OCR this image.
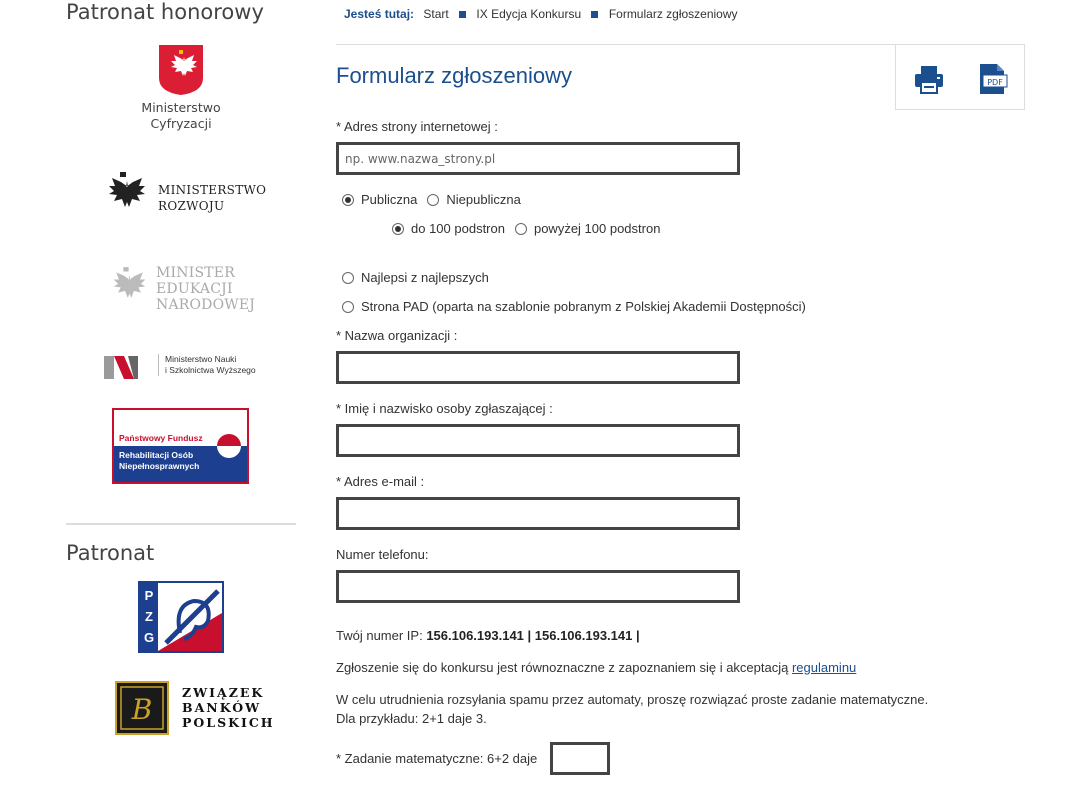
Patronat honorowy
Ministerstwo
Cyfryzacji
MINISTERSTWO
ROZWOJU
MINISTER
EDUKACJI
NARODOWEJ
Ministerstwo Nauki
i Szkolnictwa Wyższego
Państwowy Fundusz
Rehabilitacji Osób
Niepełnosprawnych
Patronat
PZG
B
ZWIĄZEK
BANKÓW
POLSKICH
Jesteś tutaj: Start IX Edycja Konkursu Formularz zgłoszeniowy
Formularz zgłoszeniowy	PDF
* Adres strony internetowej :
np. www.nazwa_strony.pl
Publiczna Niepubliczna
do 100 podstron powyżej 100 podstron
Najlepsi z najlepszych
Strona PAD (oparta na szablonie pobranym z Polskiej Akademii Dostępności)
* Nazwa organizacji :
* Imię i nazwisko osoby zgłaszającej :
* Adres e-mail :
Numer telefonu:

Twój numer IP: 156.106.193.141 | 156.106.193.141 |

Zgłoszenie się do konkursu jest równoznaczne z zapoznaniem się i akceptacją regulaminu

W celu utrudnienia rozsyłania spamu przez automaty, proszę rozwiązać proste zadanie matematyczne.

Dla przykładu: 2+1 daje 3.

* Zadanie matematyczne: 6+2 daje
